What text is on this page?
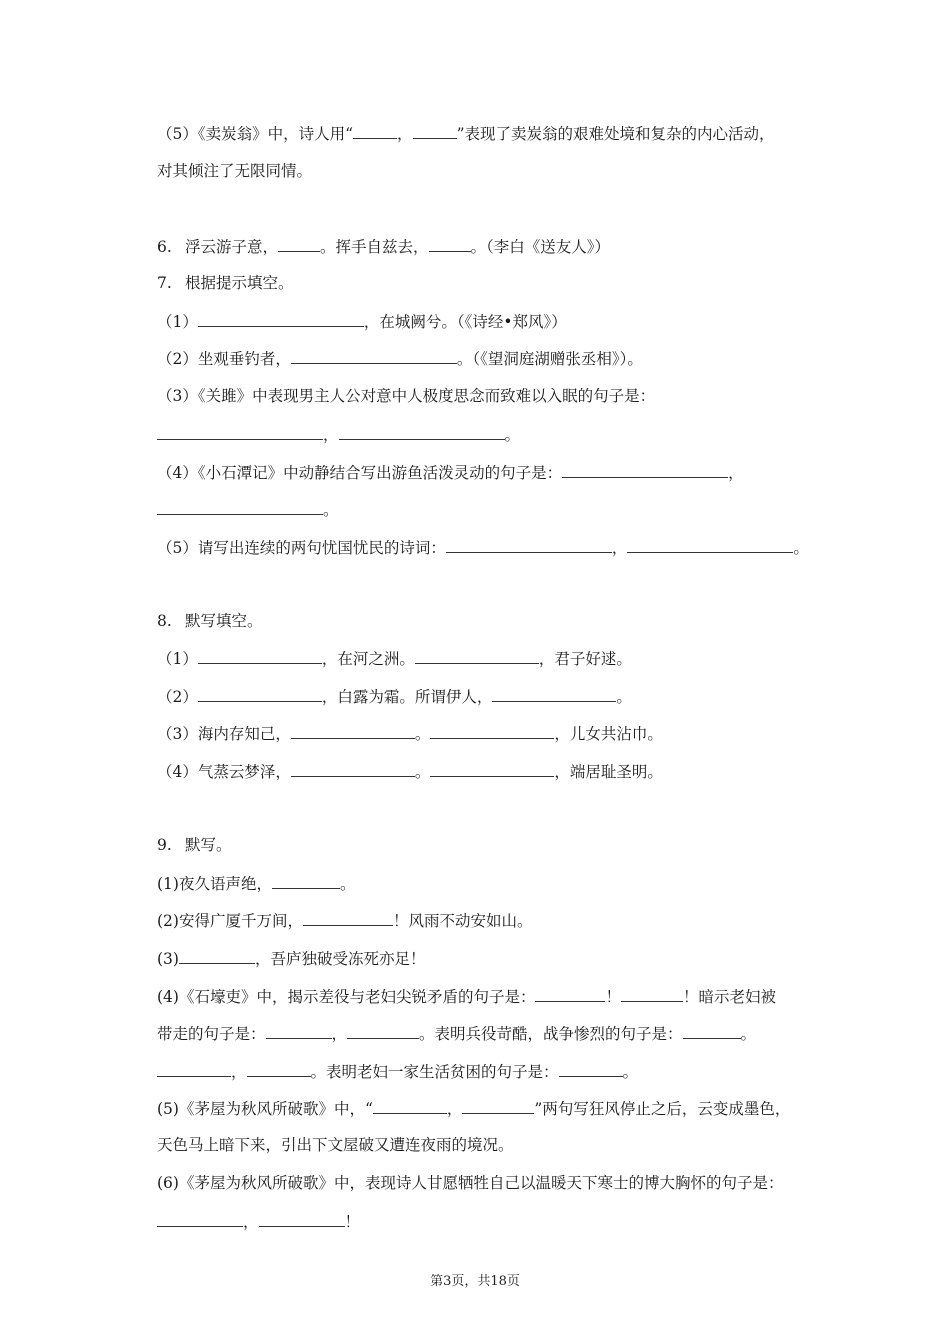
（5）《卖炭翁》中，诗人用“	，	”表现了卖炭翁的艰难处境和复杂的内心活动，
对其倾注了无限同情。
6. 浮云游子意，	。挥手自兹去，	。（李白《送友人》）
7. 根据提示填空。
（1）	，在城阙兮。（《诗经•郑风》）
（2）坐观垂钓者，	。（《望洞庭湖赠张丞相》）。
（3）《关雎》中表现男主人公对意中人极度思念而致难以入眠的句子是：
，	。
（4）《小石潭记》中动静结合写出游鱼活泼灵动的句子是：	，
。
（5）请写出连续的两句忧国忧民的诗词：	，	。
8. 默写填空。
（1）	，在河之洲。	，君子好逑。
（2）	，白露为霜。所谓伊人，	。
（3）海内存知己，	。	，儿女共沾巾。
（4）气蒸云梦泽，	。	，端居耻圣明。
9. 默写。
(1)夜久语声绝，	。
(2)安得广厦千万间，	！风雨不动安如山。
(3)	，吾庐独破受冻死亦足！
(4)《石壕吏》中，揭示差役与老妇尖锐矛盾的句子是：	！	！暗示老妇被
带走的句子是：	，	。表明兵役苛酷，战争惨烈的句子是：	。
，	。表明老妇一家生活贫困的句子是：	。
(5)《茅屋为秋风所破歌》中，“	，	”两句写狂风停止之后，云变成墨色，
天色马上暗下来，引出下文屋破又遭连夜雨的境况。
(6)《茅屋为秋风所破歌》中，表现诗人甘愿牺牲自己以温暖天下寒士的博大胸怀的句子是：
，	！
第3页，共18页
